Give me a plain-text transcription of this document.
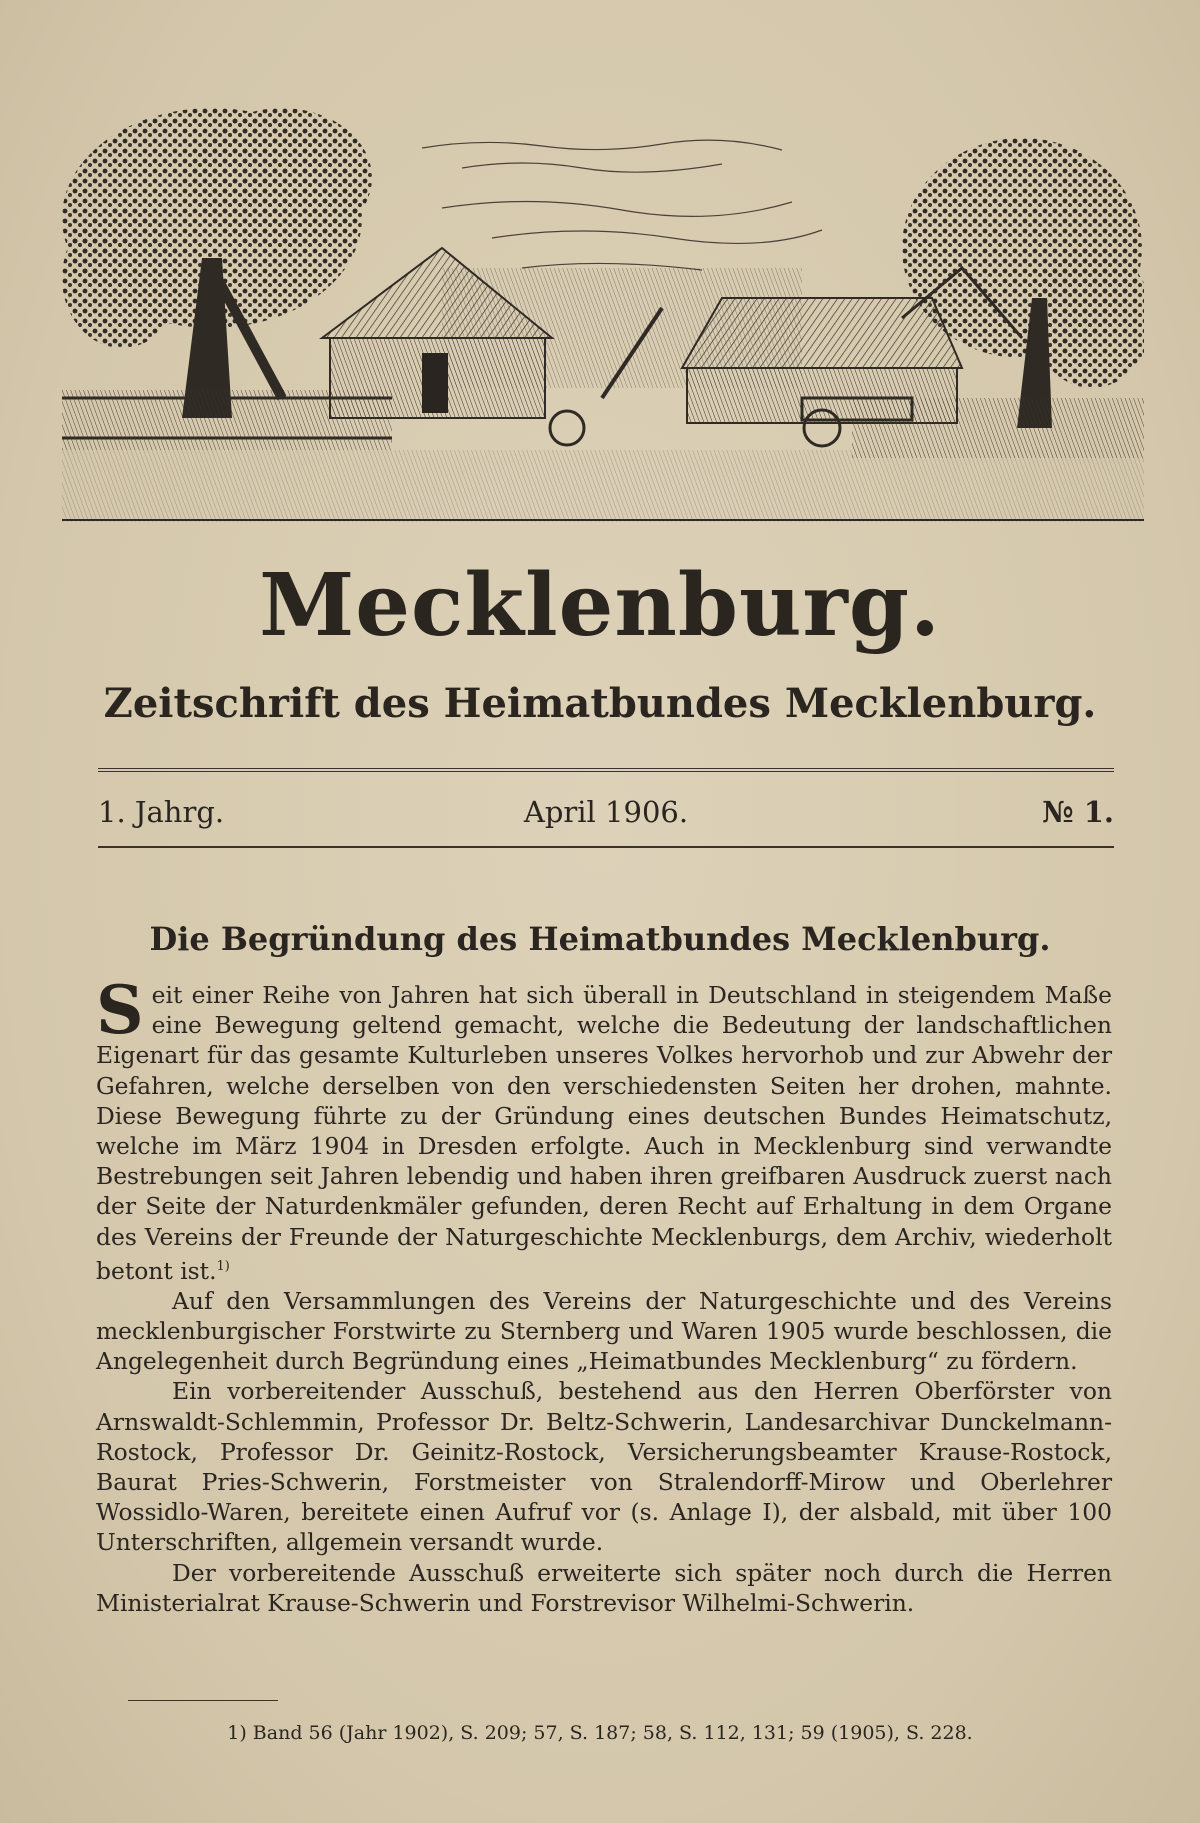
Mecklenburg.
Zeitschrift des Heimatbundes Mecklenburg.
1. Jahrg.	April 1906.	№ 1.
Die Begründung des Heimatbundes Mecklenburg.

Seit einer Reihe von Jahren hat sich überall in Deutschland in steigendem Maße eine Bewegung geltend gemacht, welche die Bedeutung der landschaftlichen Eigenart für das gesamte Kulturleben unseres Volkes hervorhob und zur Abwehr der Gefahren, welche derselben von den verschiedensten Seiten her drohen, mahnte. Diese Bewegung führte zu der Gründung eines deutschen Bundes Heimatschutz, welche im März 1904 in Dresden erfolgte. Auch in Mecklenburg sind verwandte Bestrebungen seit Jahren lebendig und haben ihren greifbaren Ausdruck zuerst nach der Seite der Naturdenkmäler gefunden, deren Recht auf Erhaltung in dem Organe des Vereins der Freunde der Naturgeschichte Mecklenburgs, dem Archiv, wiederholt betont ist.$^{1)}$

Auf den Versammlungen des Vereins der Naturgeschichte und des Vereins mecklenburgischer Forstwirte zu Sternberg und Waren 1905 wurde beschlossen, die Angelegenheit durch Begründung eines „Heimatbundes Mecklenburg“ zu fördern.

Ein vorbereitender Ausschuß, bestehend aus den Herren Oberförster von Arnswaldt-Schlemmin, Professor Dr. Beltz-Schwerin, Landesarchivar Dunckelmann-Rostock, Professor Dr. Geinitz-Rostock, Versicherungsbeamter Krause-Rostock, Baurat Pries-Schwerin, Forstmeister von Stralendorff-Mirow und Oberlehrer Wossidlo-Waren, bereitete einen Aufruf vor (s. Anlage I), der alsbald, mit über 100 Unterschriften, allgemein versandt wurde.

Der vorbereitende Ausschuß erweiterte sich später noch durch die Herren Ministerialrat Krause-Schwerin und Forstrevisor Wilhelmi-Schwerin.

1) Band 56 (Jahr 1902), S. 209; 57, S. 187; 58, S. 112, 131; 59 (1905), S. 228.
